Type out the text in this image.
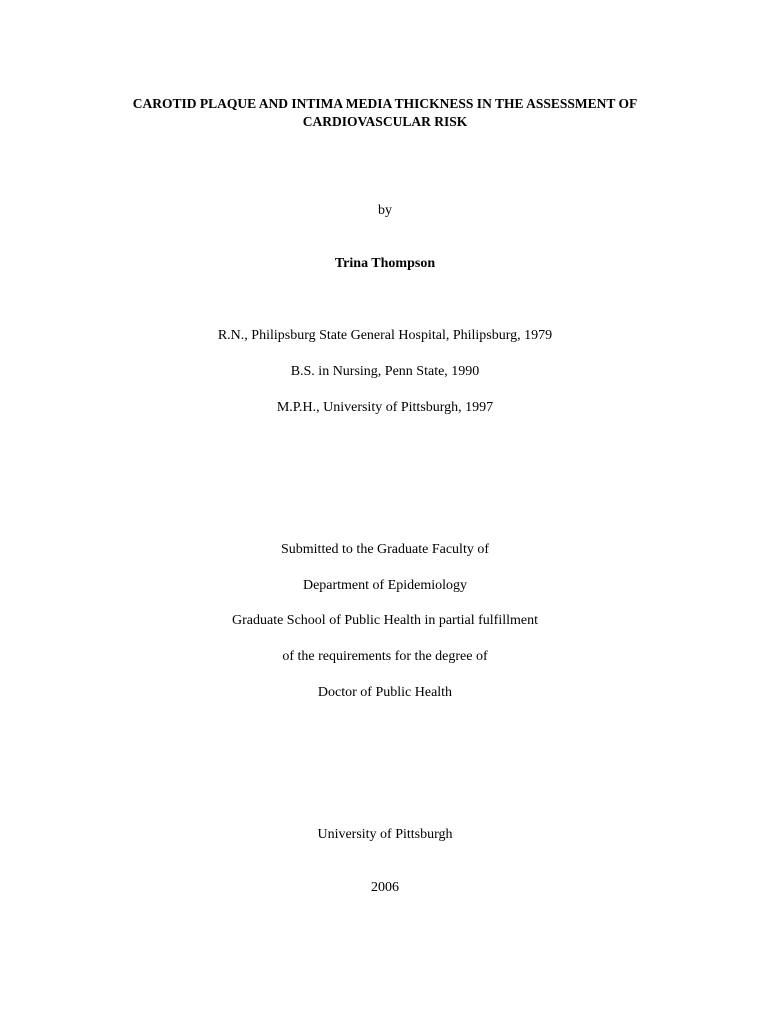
CAROTID PLAQUE AND INTIMA MEDIA THICKNESS IN THE ASSESSMENT OF
CARDIOVASCULAR RISK
by
Trina Thompson
R.N., Philipsburg State General Hospital, Philipsburg, 1979
B.S. in Nursing, Penn State, 1990
M.P.H., University of Pittsburgh, 1997
Submitted to the Graduate Faculty of
Department of Epidemiology
Graduate School of Public Health in partial fulfillment
of the requirements for the degree of
Doctor of Public Health
University of Pittsburgh
2006
